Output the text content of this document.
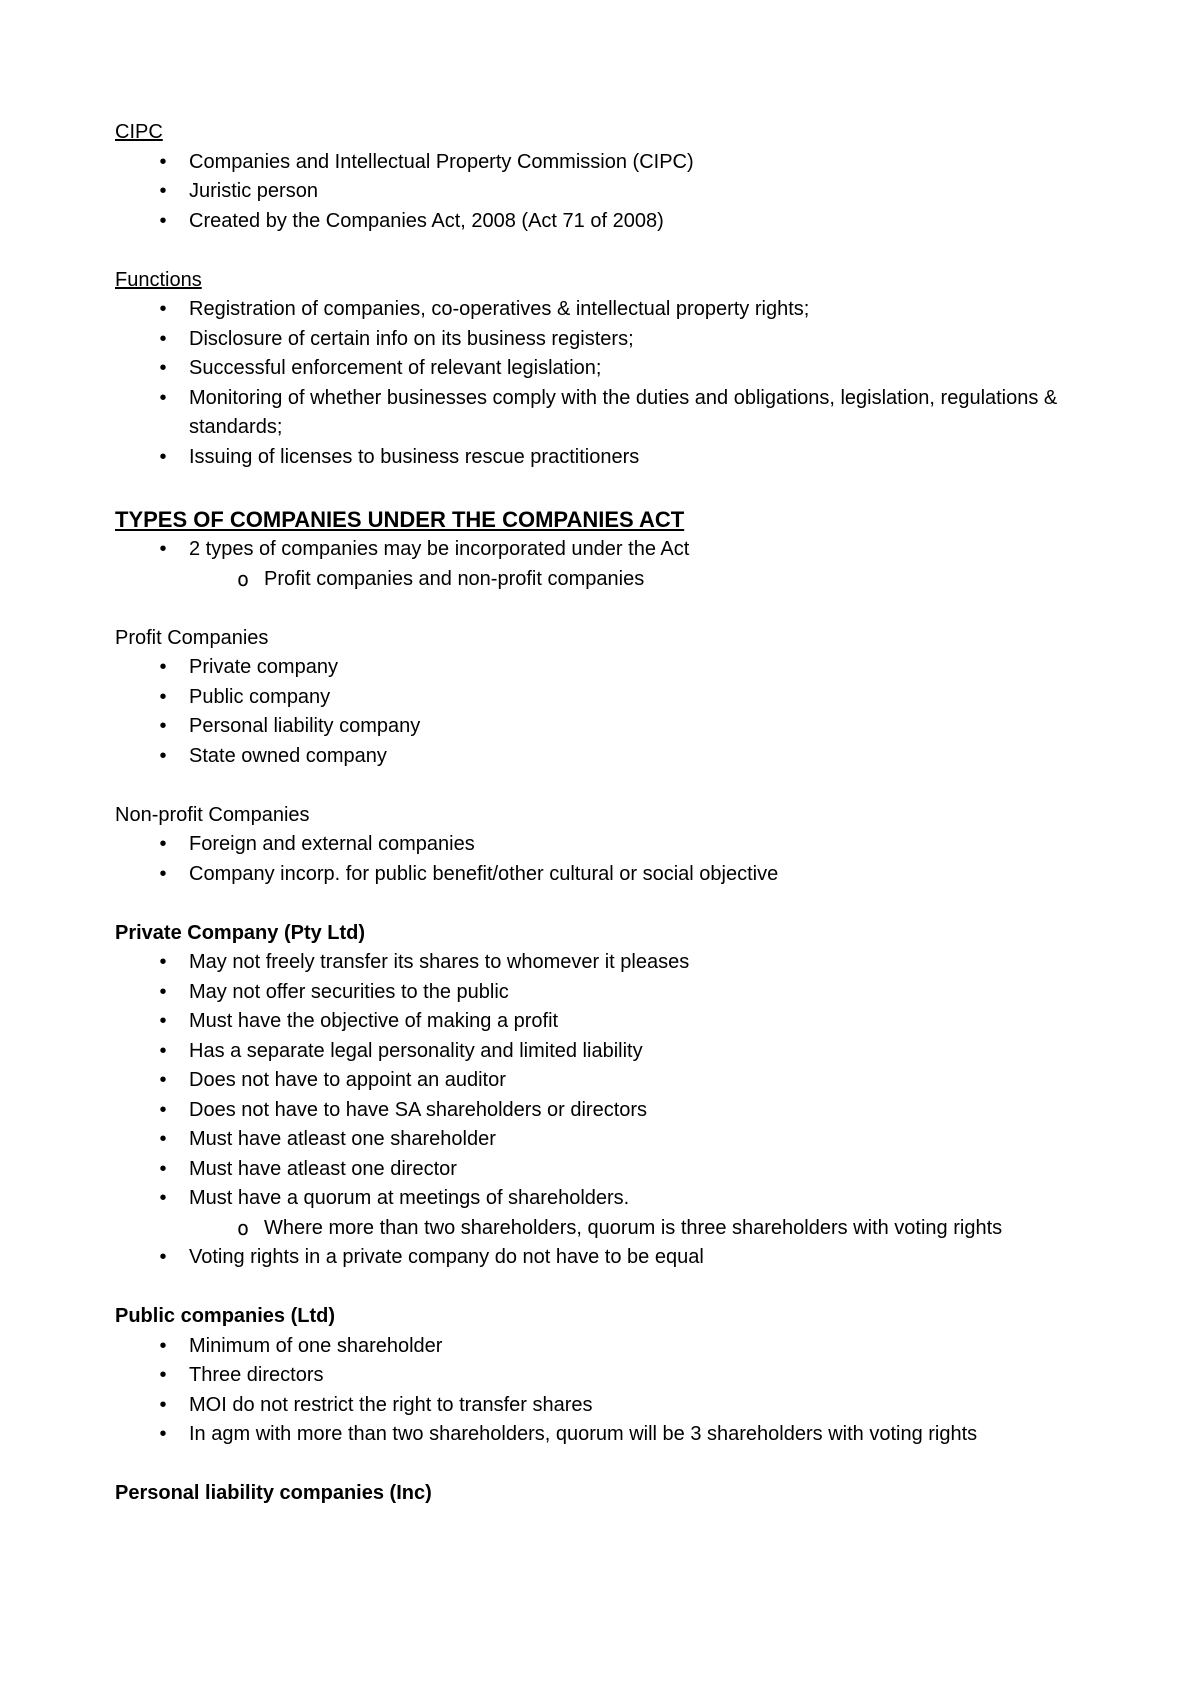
CIPC

• Companies and Intellectual Property Commission (CIPC)
• Juristic person
• Created by the Companies Act, 2008 (Act 71 of 2008)

Functions

• Registration of companies, co-operatives & intellectual property rights;
• Disclosure of certain info on its business registers;
• Successful enforcement of relevant legislation;
• Monitoring of whether businesses comply with the duties and obligations, legislation, regulations & standards;
• Issuing of licenses to business rescue practitioners

TYPES OF COMPANIES UNDER THE COMPANIES ACT

• 2 types of companies may be incorporated under the Act
o Profit companies and non-profit companies

Profit Companies

• Private company
• Public company
• Personal liability company
• State owned company

Non-profit Companies

• Foreign and external companies
• Company incorp. for public benefit/other cultural or social objective

Private Company (Pty Ltd)

• May not freely transfer its shares to whomever it pleases
• May not offer securities to the public
• Must have the objective of making a profit
• Has a separate legal personality and limited liability
• Does not have to appoint an auditor
• Does not have to have SA shareholders or directors
• Must have atleast one shareholder
• Must have atleast one director
• Must have a quorum at meetings of shareholders.
o Where more than two shareholders, quorum is three shareholders with voting rights
• Voting rights in a private company do not have to be equal

Public companies (Ltd)

• Minimum of one shareholder
• Three directors
• MOI do not restrict the right to transfer shares
• In agm with more than two shareholders, quorum will be 3 shareholders with voting rights

Personal liability companies (Inc)
